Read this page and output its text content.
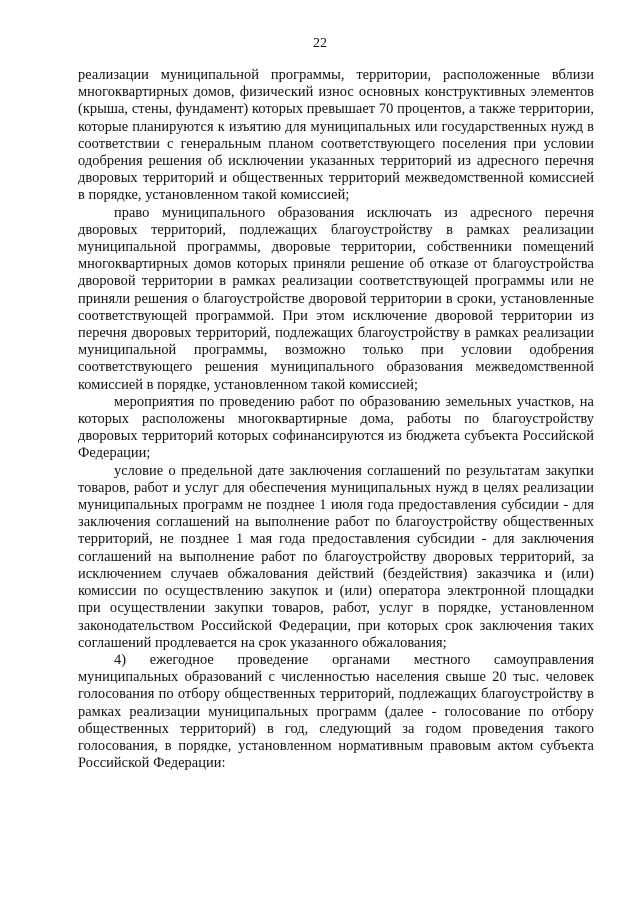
22

реализации муниципальной программы, территории, расположенные вблизи многоквартирных домов, физический износ основных конструктивных элементов (крыша, стены, фундамент) которых превышает 70 процентов, а также территории, которые планируются к изъятию для муниципальных или государственных нужд в соответствии с генеральным планом соответствующего поселения при условии одобрения решения об исключении указанных территорий из адресного перечня дворовых территорий и общественных территорий межведомственной комиссией в порядке, установленном такой комиссией;

право муниципального образования исключать из адресного перечня дворовых территорий, подлежащих благоустройству в рамках реализации муниципальной программы, дворовые территории, собственники помещений многоквартирных домов которых приняли решение об отказе от благоустройства дворовой территории в рамках реализации соответствующей программы или не приняли решения о благоустройстве дворовой территории в сроки, установленные соответствующей программой. При этом исключение дворовой территории из перечня дворовых территорий, подлежащих благоустройству в рамках реализации муниципальной программы, возможно только при условии одобрения соответствующего решения муниципального образования межведомственной комиссией в порядке, установленном такой комиссией;

мероприятия по проведению работ по образованию земельных участков, на которых расположены многоквартирные дома, работы по благоустройству дворовых территорий которых софинансируются из бюджета субъекта Российской Федерации;

условие о предельной дате заключения соглашений по результатам закупки товаров, работ и услуг для обеспечения муниципальных нужд в целях реализации муниципальных программ не позднее 1 июля года предоставления субсидии - для заключения соглашений на выполнение работ по благоустройству общественных территорий, не позднее 1 мая года предоставления субсидии - для заключения соглашений на выполнение работ по благоустройству дворовых территорий, за исключением случаев обжалования действий (бездействия) заказчика и (или) комиссии по осуществлению закупок и (или) оператора электронной площадки при осуществлении закупки товаров, работ, услуг в порядке, установленном законодательством Российской Федерации, при которых срок заключения таких соглашений продлевается на срок указанного обжалования;

4) ежегодное проведение органами местного самоуправления муниципальных образований с численностью населения свыше 20 тыс. человек голосования по отбору общественных территорий, подлежащих благоустройству в рамках реализации муниципальных программ (далее - голосование по отбору общественных территорий) в год, следующий за годом проведения такого голосования, в порядке, установленном нормативным правовым актом субъекта Российской Федерации:
